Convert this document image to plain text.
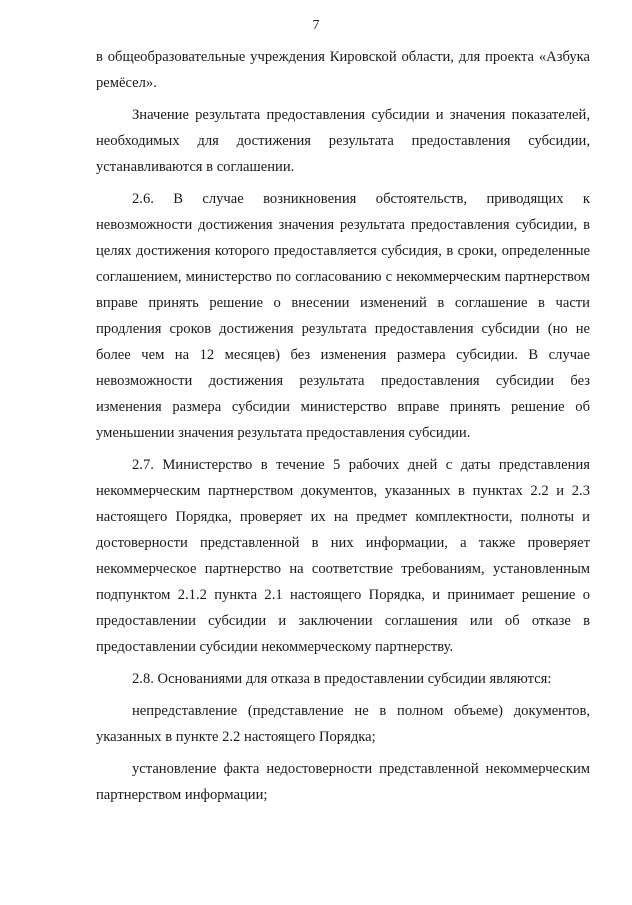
7

в общеобразовательные учреждения Кировской области, для проекта «Азбука ремёсел».

Значение результата предоставления субсидии и значения показателей, необходимых для достижения результата предоставления субсидии, устанавливаются в соглашении.

2.6. В случае возникновения обстоятельств, приводящих к невозможности достижения значения результата предоставления субсидии, в целях достижения которого предоставляется субсидия, в сроки, определенные соглашением, министерство по согласованию с некоммерческим партнерством вправе принять решение о внесении изменений в соглашение в части продления сроков достижения результата предоставления субсидии (но не более чем на 12 месяцев) без изменения размера субсидии. В случае невозможности достижения результата предоставления субсидии без изменения размера субсидии министерство вправе принять решение об уменьшении значения результата предоставления субсидии.

2.7. Министерство в течение 5 рабочих дней с даты представления некоммерческим партнерством документов, указанных в пунктах 2.2 и 2.3 настоящего Порядка, проверяет их на предмет комплектности, полноты и достоверности представленной в них информации, а также проверяет некоммерческое партнерство на соответствие требованиям, установленным подпунктом 2.1.2 пункта 2.1 настоящего Порядка, и принимает решение о предоставлении субсидии и заключении соглашения или об отказе в предоставлении субсидии некоммерческому партнерству.

2.8. Основаниями для отказа в предоставлении субсидии являются:

непредставление (представление не в полном объеме) документов, указанных в пункте 2.2 настоящего Порядка;

установление факта недостоверности представленной некоммерческим партнерством информации;
